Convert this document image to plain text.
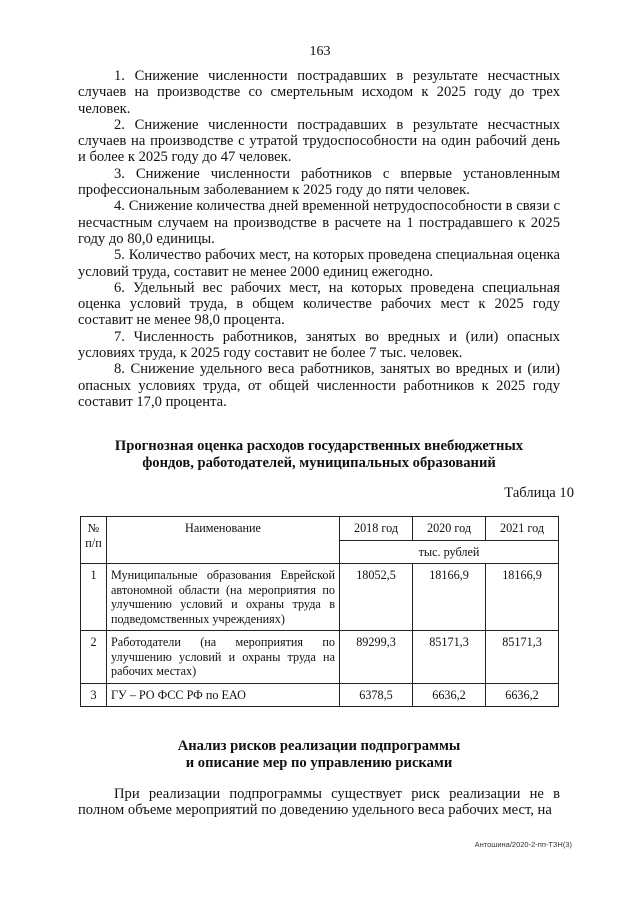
163

1. Снижение численности пострадавших в результате несчастных случаев на производстве со смертельным исходом к 2025 году до трех человек.

2. Снижение численности пострадавших в результате несчастных случаев на производстве с утратой трудоспособности на один рабочий день и более к 2025 году до 47 человек.

3. Снижение численности работников с впервые установленным профессиональным заболеванием к 2025 году до пяти человек.

4. Снижение количества дней временной нетрудоспособности в связи с несчастным случаем на производстве в расчете на 1 пострадавшего к 2025 году до 80,0 единицы.

5. Количество рабочих мест, на которых проведена специальная оценка условий труда, составит не менее 2000 единиц ежегодно.

6. Удельный вес рабочих мест, на которых проведена специальная оценка условий труда, в общем количестве рабочих мест к 2025 году составит не менее 98,0 процента.

7. Численность работников, занятых во вредных и (или) опасных условиях труда, к 2025 году составит не более 7 тыс. человек.

8. Снижение удельного веса работников, занятых во вредных и (или) опасных условиях труда, от общей численности работников к 2025 году составит 17,0 процента.

Прогнозная оценка расходов государственных внебюджетных
фондов, работодателей, муниципальных образований
Таблица 10
№ п/п	Наименование	2018 год	2020 год	2021 год
		тыс. рублей		
1	Муниципальные образования Еврейской автономной области (на мероприятия по улучшению условий и охраны труда в подведомственных учреждениях)	18052,5	18166,9	18166,9
2	Работодатели (на мероприятия по улучшению условий и охраны труда на рабочих местах)	89299,3	85171,3	85171,3
3	ГУ – РО ФСС РФ по ЕАО	6378,5	6636,2	6636,2
Анализ рисков реализации подпрограммы
и описание мер по управлению рисками

При реализации подпрограммы существует риск реализации не в полном объеме мероприятий по доведению удельного веса рабочих мест, на

Антошина/2020-2-пп-ТЗН(3)
